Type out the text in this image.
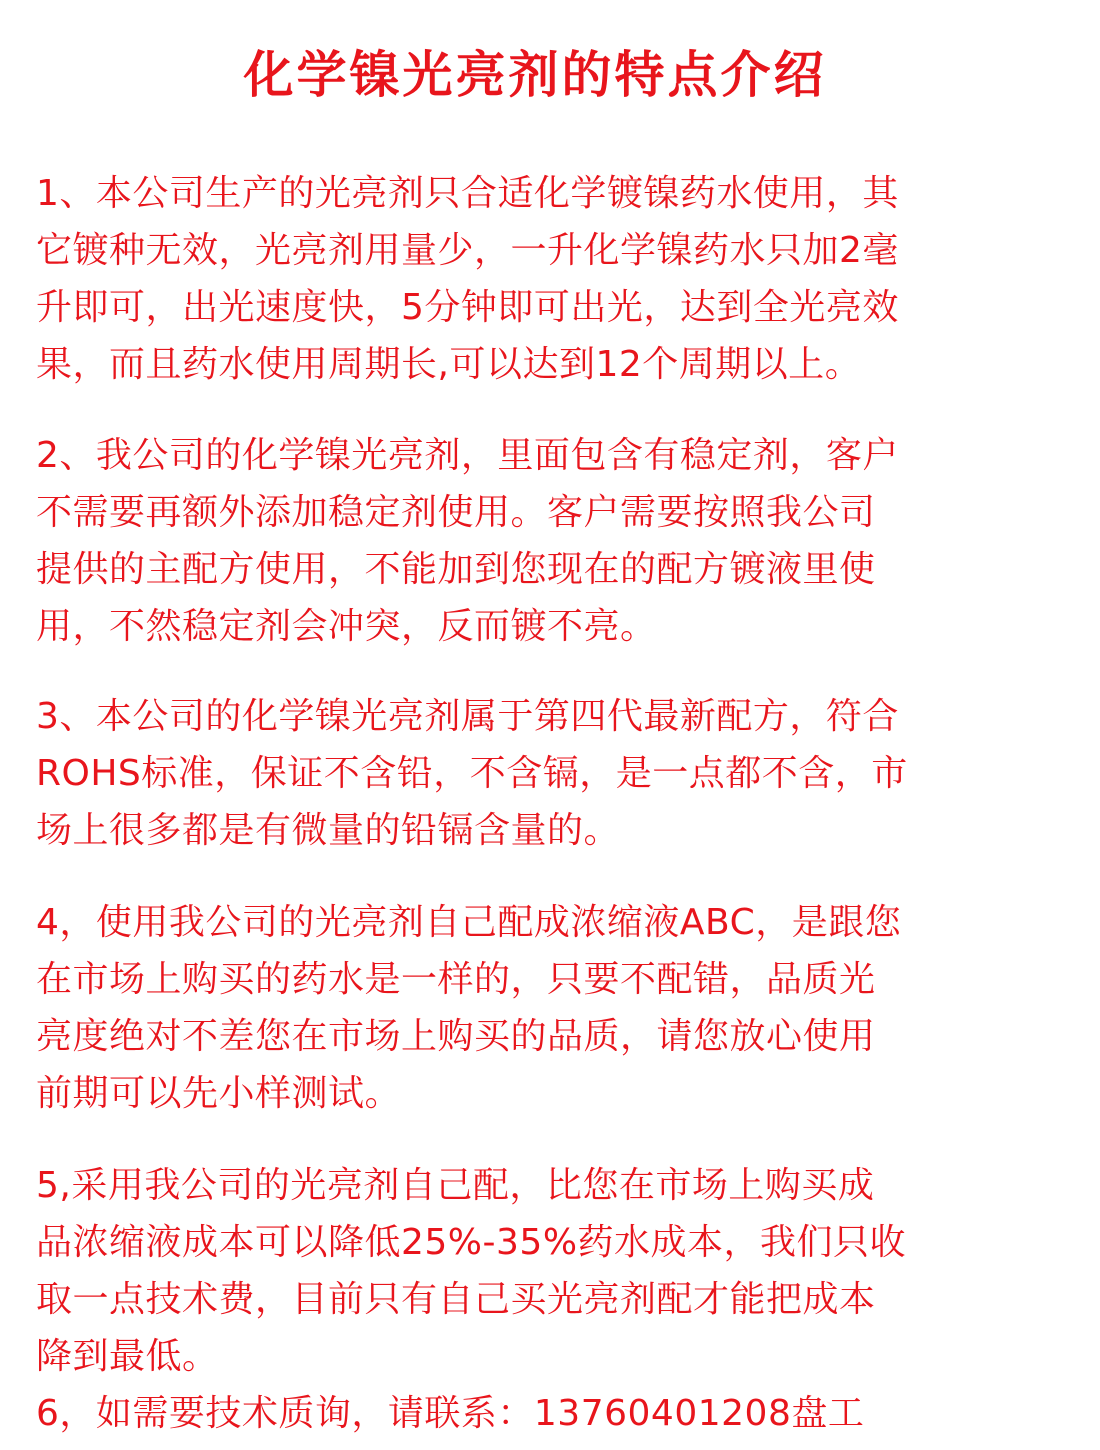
化学镍光亮剂的特点介绍
1、本公司生产的光亮剂只合适化学镀镍药水使用，其
它镀种无效，光亮剂用量少，一升化学镍药水只加2毫
升即可，出光速度快，5分钟即可出光，达到全光亮效
果，而且药水使用周期长,可以达到12个周期以上。
2、我公司的化学镍光亮剂，里面包含有稳定剂，客户
不需要再额外添加稳定剂使用。客户需要按照我公司
提供的主配方使用，不能加到您现在的配方镀液里使
用，不然稳定剂会冲突，反而镀不亮。
3、本公司的化学镍光亮剂属于第四代最新配方，符合
ROHS标准，保证不含铅，不含镉，是一点都不含，市
场上很多都是有微量的铅镉含量的。
4，使用我公司的光亮剂自己配成浓缩液ABC，是跟您
在市场上购买的药水是一样的，只要不配错，品质光
亮度绝对不差您在市场上购买的品质，请您放心使用
前期可以先小样测试。
5,采用我公司的光亮剂自己配，比您在市场上购买成
品浓缩液成本可以降低25%-35%药水成本，我们只收
取一点技术费，目前只有自己买光亮剂配才能把成本
降到最低。
6，如需要技术质询，请联系：13760401208盘工
